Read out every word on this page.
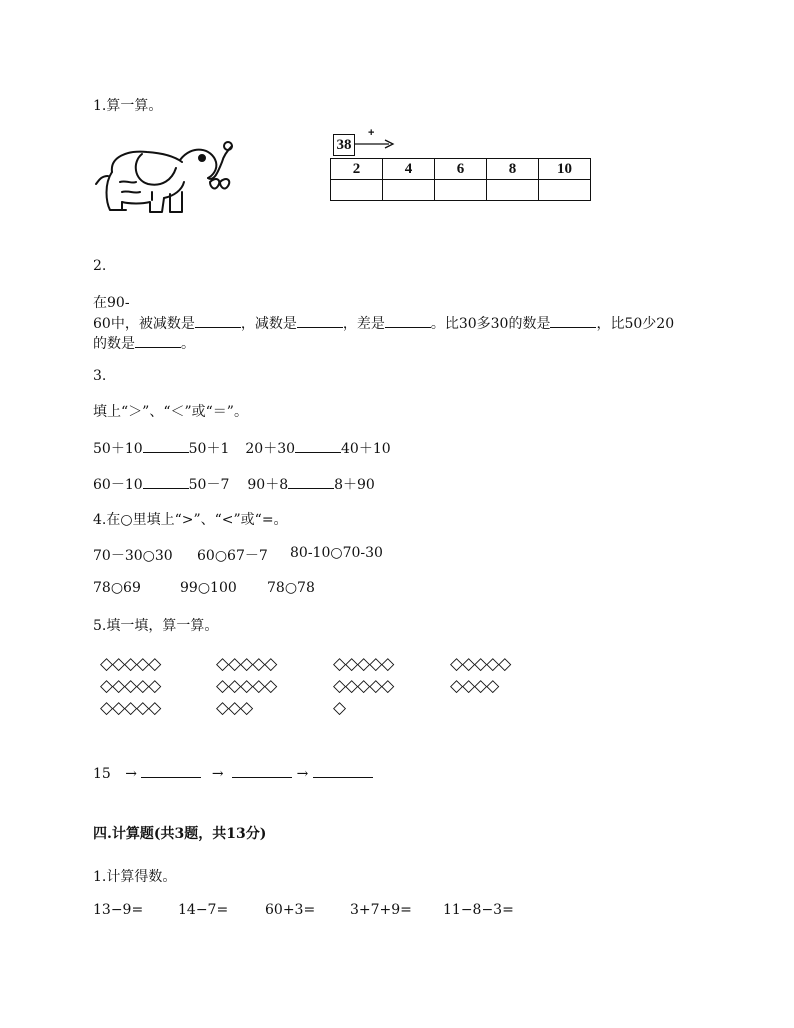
1.算一算。
38
+
2	4	6	8	10

2.
在90-
60中，被减数是	，减数是	，差是	。比30多30的数是	，比50少20
的数是	。
3.
填上“＞”、“＜”或“＝”。
50＋10	50＋1 20＋30	40＋10
60－10	50－7 90＋8	8＋90
4.在○里填上“>”、“<”或“=。
70－30○30 60○67－7 80-10○70-30
78○69	99○100 78○78
5.填一填，算一算。
◇◇◇◇◇
◇◇◇◇◇
◇◇◇◇◇
◇◇◇◇◇
◇◇◇◇◇
◇◇◇
◇◇◇◇◇
◇◇◇◇◇
◇
◇◇◇◇◇
◇◇◇◇
15 →	→	→
四.计算题(共3题，共13分)
1.计算得数。
13−9= 14−7=	60+3= 3+7+9= 11−8−3=
